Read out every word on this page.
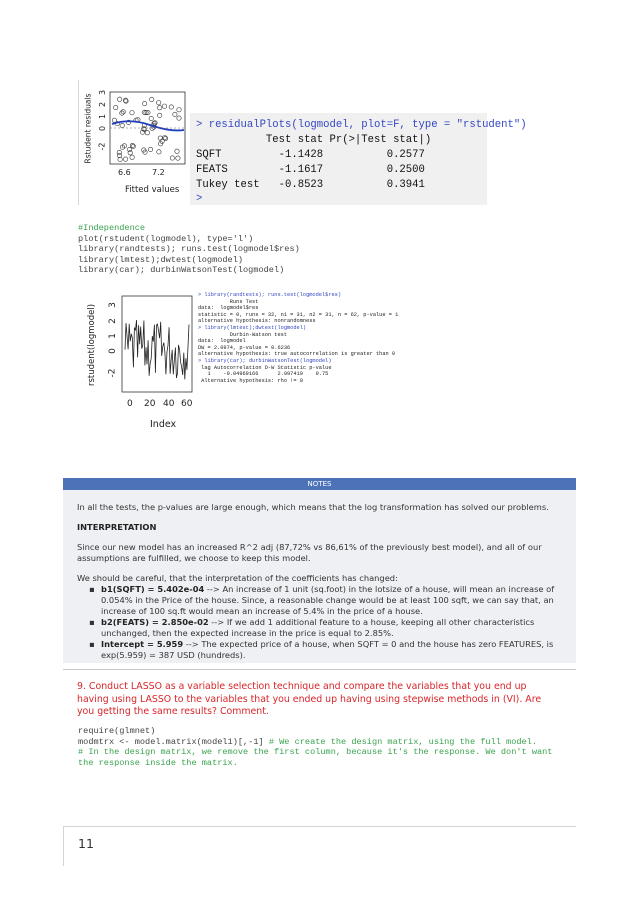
Rstudent residuals -2
0
1
2
3
6.6	7.2
Fitted values
> residualPlots(logmodel, plot=F, type = "rstudent")
Test stat Pr(>|Test stat|)
SQFT         -1.1428          0.2577
FEATS        -1.1617          0.2500
Tukey test   -0.8523          0.3941
>
#Independence
plot(rstudent(logmodel), type='l')
library(randtests); runs.test(logmodel$res)
library(lmtest);dwtest(logmodel)
library(car); durbinWatsonTest(logmodel)
rstudent(logmodel) -2
0
1
2
3
0 20 40 60
Index
> library(randtests); runs.test(logmodel$res)
Runs Test
data:  logmodel$res
statistic = 0, runs = 32, n1 = 31, n2 = 31, n = 62, p-value = 1
alternative hypothesis: nonrandomness
> library(lmtest);dwtest(logmodel)
Durbin-Watson test
data:  logmodel
DW = 2.0974, p-value = 0.6236
alternative hypothesis: true autocorrelation is greater than 0
> library(car); durbinWatsonTest(logmodel)
lag Autocorrelation D-W Statistic p-value
1    -0.04969166      2.097419    0.75
Alternative hypothesis: rho != 0
NOTES
In all the tests, the p-values are large enough, which means that the log transformation has solved our problems.
INTERPRETATION
Since our new model has an increased R^2 adj (87,72% vs 86,61% of the previously best model), and all of our assumptions are fulfilled, we choose to keep this model.
We should be careful, that the interpretation of the coefficients has changed:
▪ b1(SQFT) = 5.402e-04 --> An increase of 1 unit (sq.foot) in the lotsize of a house, will mean an increase of 0.054% in the Price of the house. Since, a reasonable change would be at least 100 sqft, we can say that, an increase of 100 sq.ft would mean an increase of 5.4% in the price of a house.
▪ b2(FEATS) = 2.850e-02 --> If we add 1 additional feature to a house, keeping all other characteristics unchanged, then the expected increase in the price is equal to 2.85%.
▪ Intercept = 5.959 --> The expected price of a house, when SQFT = 0 and the house has zero FEATURES, is exp(5.959) = 387 USD (hundreds).
9. Conduct LASSO as a variable selection technique and compare the variables that you end up having using LASSO to the variables that you ended up having using stepwise methods in (VI). Are you getting the same results? Comment.
require(glmnet)
modmtrx <- model.matrix(model1)[,-1] # We create the design matrix, using the full model.
# In the design matrix, we remove the first column, because it's the response. We don't want
the response inside the matrix.
11
